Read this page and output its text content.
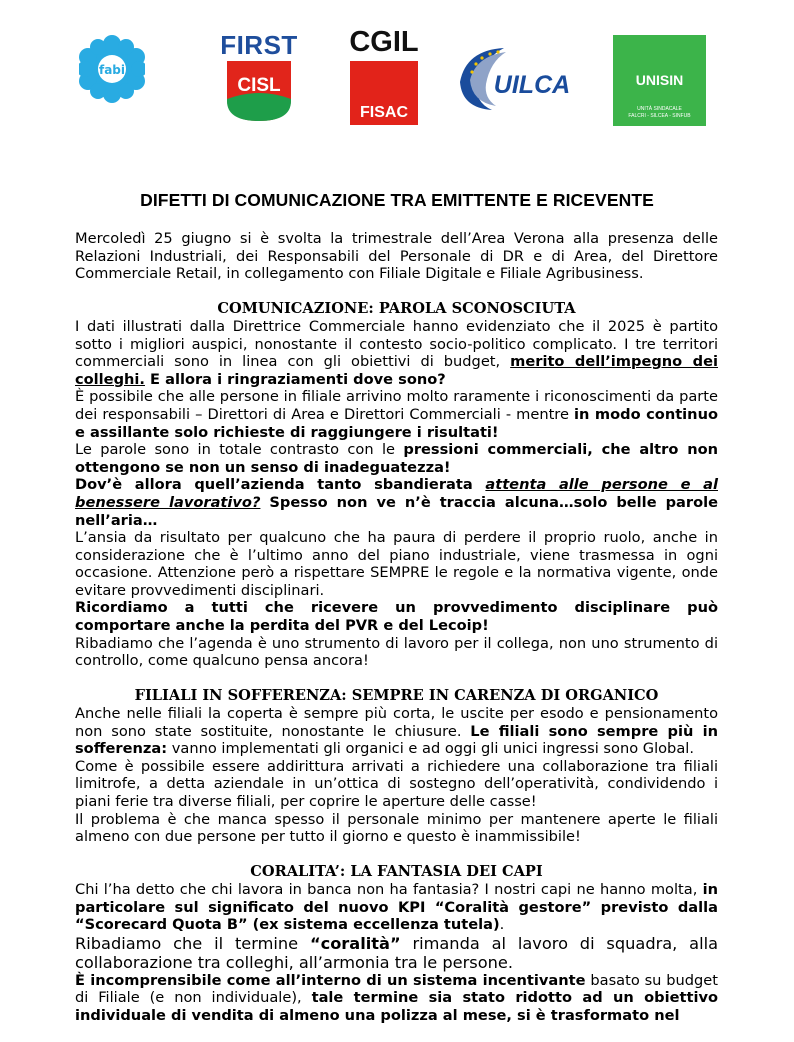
fabi
FIRST
CISL
CGIL
FISAC
UILCA	UNISIN
UNITÀ SINDACALE
FALCRI - SILCEA - SINFUB
DIFETTI DI COMUNICAZIONE TRA EMITTENTE E RICEVENTE

Mercoledì 25 giugno si è svolta la trimestrale dell’Area Verona alla presenza delle Relazioni Industriali, dei Responsabili del Personale di DR e di Area, del Direttore Commerciale Retail, in collegamento con Filiale Digitale e Filiale Agribusiness.

COMUNICAZIONE: PAROLA SCONOSCIUTA

I dati illustrati dalla Direttrice Commerciale hanno evidenziato che il 2025 è partito sotto i migliori auspici, nonostante il contesto socio-politico complicato. I tre territori commerciali sono in linea con gli obiettivi di budget, merito dell’impegno dei colleghi. E allora i ringraziamenti dove sono?

È possibile che alle persone in filiale arrivino molto raramente i riconoscimenti da parte dei responsabili – Direttori di Area e Direttori Commerciali - mentre in modo continuo e assillante solo richieste di raggiungere i risultati!

Le parole sono in totale contrasto con le pressioni commerciali, che altro non ottengono se non un senso di inadeguatezza!

Dov’è allora quell’azienda tanto sbandierata attenta alle persone e al benessere lavorativo? Spesso non ve n’è traccia alcuna…solo belle parole nell’aria…

L’ansia da risultato per qualcuno che ha paura di perdere il proprio ruolo, anche in considerazione che è l’ultimo anno del piano industriale, viene trasmessa in ogni occasione. Attenzione però a rispettare SEMPRE le regole e la normativa vigente, onde evitare provvedimenti disciplinari.

Ricordiamo a tutti che ricevere un provvedimento disciplinare può comportare anche la perdita del PVR e del Lecoip!

Ribadiamo che l’agenda è uno strumento di lavoro per il collega, non uno strumento di controllo, come qualcuno pensa ancora!

FILIALI IN SOFFERENZA: SEMPRE IN CARENZA DI ORGANICO

Anche nelle filiali la coperta è sempre più corta, le uscite per esodo e pensionamento non sono state sostituite, nonostante le chiusure. Le filiali sono sempre più in sofferenza: vanno implementati gli organici e ad oggi gli unici ingressi sono Global.

Come è possibile essere addirittura arrivati a richiedere una collaborazione tra filiali limitrofe, a detta aziendale in un’ottica di sostegno dell’operatività, condividendo i piani ferie tra diverse filiali, per coprire le aperture delle casse!

Il problema è che manca spesso il personale minimo per mantenere aperte le filiali almeno con due persone per tutto il giorno e questo è inammissibile!

CORALITA’: LA FANTASIA DEI CAPI

Chi l’ha detto che chi lavora in banca non ha fantasia? I nostri capi ne hanno molta, in particolare sul significato del nuovo KPI “Coralità gestore” previsto dalla “Scorecard Quota B” (ex sistema eccellenza tutela).

Ribadiamo che il termine “coralità” rimanda al lavoro di squadra, alla collaborazione tra colleghi, all’armonia tra le persone.

È incomprensibile come all’interno di un sistema incentivante basato su budget di Filiale (e non individuale), tale termine sia stato ridotto ad un obiettivo individuale di vendita di almeno una polizza al mese, si è trasformato nel
